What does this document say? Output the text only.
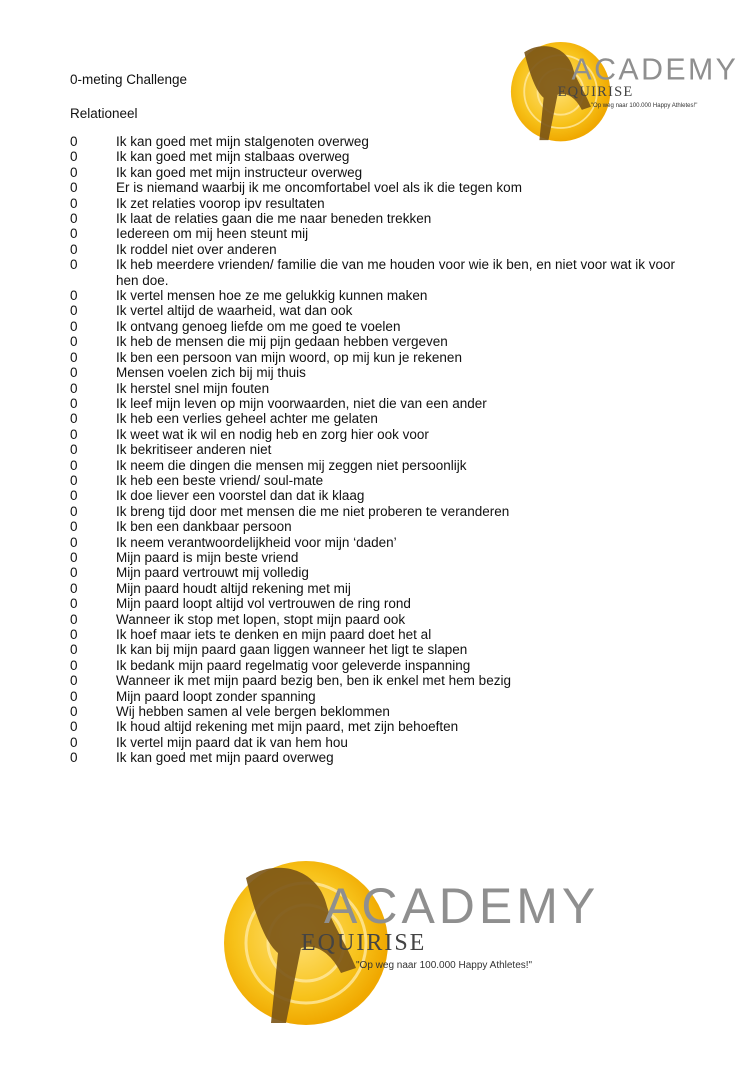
0-meting Challenge
Relationeel
0	Ik kan goed met mijn stalgenoten overweg
0	Ik kan goed met mijn stalbaas overweg
0	Ik kan goed met mijn instructeur overweg
0	Er is niemand waarbij ik me oncomfortabel voel als ik die tegen kom
0	Ik zet relaties voorop ipv resultaten
0	Ik laat de relaties gaan die me naar beneden trekken
0	Iedereen om mij heen steunt mij
0	Ik roddel niet over anderen
0	Ik heb meerdere vrienden/ familie die van me houden voor wie ik ben, en niet voor wat ik voor hen doe.
0	Ik vertel mensen hoe ze me gelukkig kunnen maken
0	Ik vertel altijd de waarheid, wat dan ook
0	Ik ontvang genoeg liefde om me goed te voelen
0	Ik heb de mensen die mij pijn gedaan hebben vergeven
0	Ik ben een persoon van mijn woord, op mij kun je rekenen
0	Mensen voelen zich bij mij thuis
0	Ik herstel snel mijn fouten
0	Ik leef mijn leven op mijn voorwaarden, niet die van een ander
0	Ik heb een verlies geheel achter me gelaten
0	Ik weet wat ik wil en nodig heb en zorg hier ook voor
0	Ik bekritiseer anderen niet
0	Ik neem die dingen die mensen mij zeggen niet persoonlijk
0	Ik heb een beste vriend/ soul-mate
0	Ik doe liever een voorstel dan dat ik klaag
0	Ik breng tijd door met mensen die me niet proberen te veranderen
0	Ik ben een dankbaar persoon
0	Ik neem verantwoordelijkheid voor mijn ‘daden’
0	Mijn paard is mijn beste vriend
0	Mijn paard vertrouwt mij volledig
0	Mijn paard houdt altijd rekening met mij
0	Mijn paard loopt altijd vol vertrouwen de ring rond
0	Wanneer ik stop met lopen, stopt mijn paard ook
0	Ik hoef maar iets te denken en mijn paard doet het al
0	Ik kan bij mijn paard gaan liggen wanneer het ligt te slapen
0	Ik bedank mijn paard regelmatig voor geleverde inspanning
0	Wanneer ik met mijn paard bezig ben, ben ik enkel met hem bezig
0	Mijn paard loopt zonder spanning
0	Wij hebben samen al vele bergen beklommen
0	Ik houd altijd rekening met mijn paard, met zijn behoeften
0	Ik vertel mijn paard dat ik van hem hou
0	Ik kan goed met mijn paard overweg
ACADEMY
EQUIRISE
"Op weg naar 100.000 Happy Athletes!"
ACADEMY
EQUIRISE
"Op weg naar 100.000 Happy Athletes!"
